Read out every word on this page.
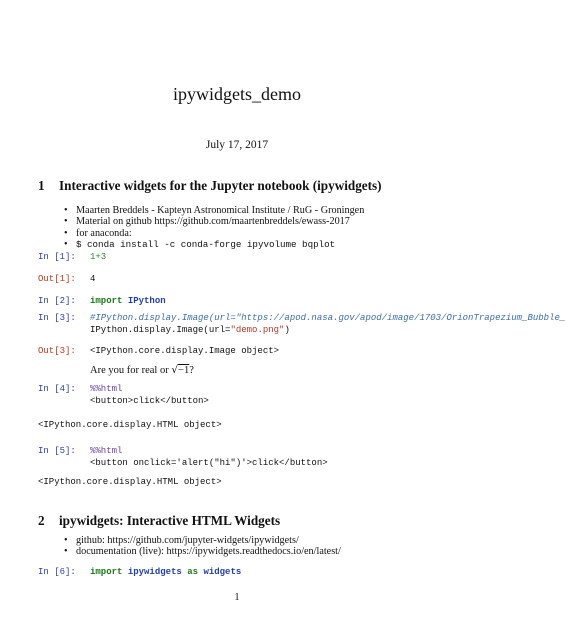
ipywidgets_demo
July 17, 2017
1 Interactive widgets for the Jupyter notebook (ipywidgets)
• Maarten Breddels - Kapteyn Astronomical Institute / RuG - Groningen
• Material on github https://github.com/maartenbreddels/ewass-2017
• for anaconda:
• $ conda install -c conda-forge ipyvolume bqplot
In [1]: 1+3
Out[1]: 4
In [2]: import IPython
In [3]:	#IPython.display.Image(url="https://apod.nasa.gov/apod/image/1703/OrionTrapezium_Bubble_
IPython.display.Image(url="demo.png")
Out[3]: <IPython.core.display.Image object>
Are you for real or √−1?
In [4]:	%%html
<button>click</button>
<IPython.core.display.HTML object>
In [5]:	%%html
<button onclick='alert("hi")'>click</button>
<IPython.core.display.HTML object>
2 ipywidgets: Interactive HTML Widgets
• github: https://github.com/jupyter-widgets/ipywidgets/
• documentation (live): https://ipywidgets.readthedocs.io/en/latest/
In [6]: import ipywidgets as widgets
1
